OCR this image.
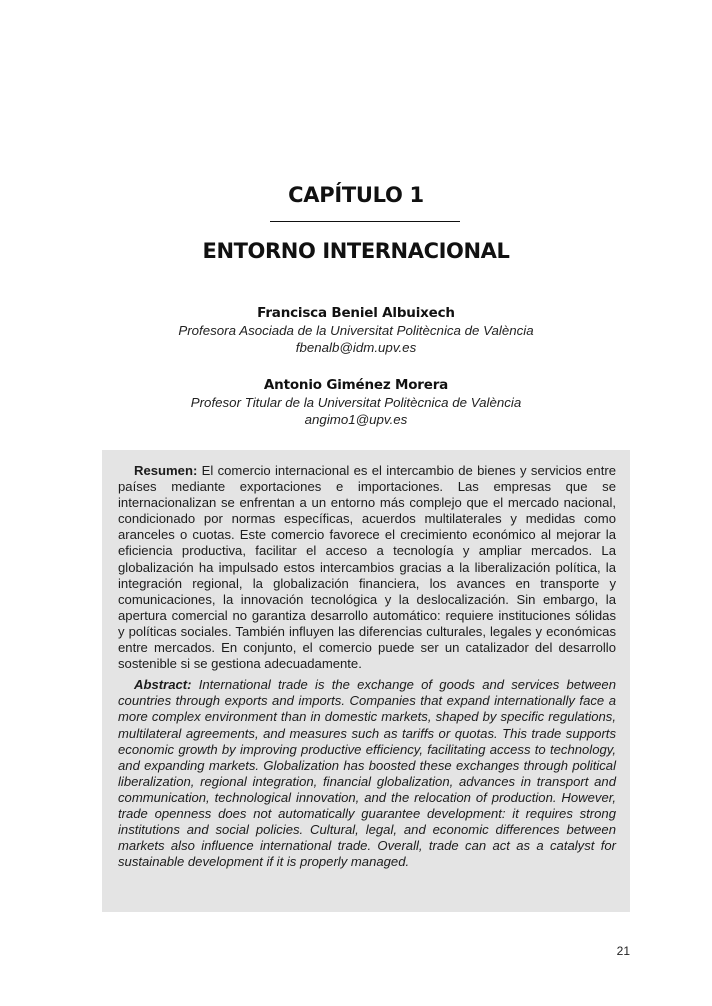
CAPÍTULO 1
ENTORNO INTERNACIONAL
Francisca Beniel Albuixech
Profesora Asociada de la Universitat Politècnica de València
fbenalb@idm.upv.es
Antonio Giménez Morera
Profesor Titular de la Universitat Politècnica de València
angimo1@upv.es

Resumen: El comercio internacional es el intercambio de bienes y servicios entre países mediante exportaciones e importaciones. Las empresas que se internacionalizan se enfrentan a un entorno más complejo que el mercado nacional, condicionado por normas específicas, acuerdos multilaterales y medidas como aranceles o cuotas. Este comercio favorece el crecimiento económico al mejorar la eficiencia productiva, facilitar el acceso a tecnología y ampliar mercados. La globalización ha impulsado estos intercambios gracias a la liberalización política, la integración regional, la globalización financiera, los avances en transporte y comunicaciones, la innovación tecnológica y la deslocalización. Sin embargo, la apertura comercial no garantiza desarrollo automático: requiere instituciones sólidas y políticas sociales. También influyen las diferencias culturales, legales y económicas entre mercados. En conjunto, el comercio puede ser un catalizador del desarrollo sostenible si se gestiona adecuadamente.

Abstract: International trade is the exchange of goods and services between countries through exports and imports. Companies that expand internationally face a more complex environment than in domestic markets, shaped by specific regulations, multilateral agreements, and measures such as tariffs or quotas. This trade supports economic growth by improving productive efficiency, facilitating access to technology, and expanding markets. Globalization has boosted these exchanges through political liberalization, regional integration, financial globalization, advances in transport and communication, technological innovation, and the relocation of production. However, trade openness does not automatically guarantee development: it requires strong institutions and social policies. Cultural, legal, and economic differences between markets also influence international trade. Overall, trade can act as a catalyst for sustainable development if it is properly managed.

21
